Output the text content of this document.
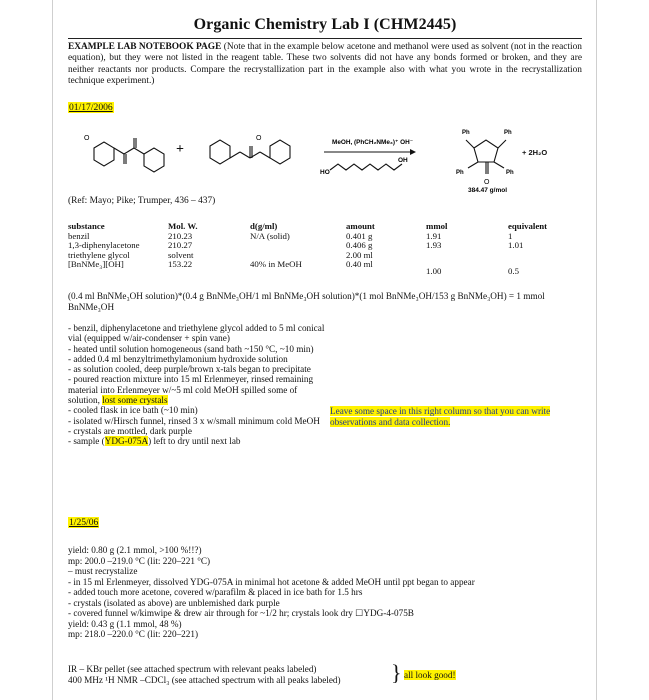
Organic Chemistry Lab I (CHM2445)
EXAMPLE LAB NOTEBOOK PAGE (Note that in the example below acetone and methanol were used as solvent (not in the reaction equation), but they were not listed in the reagent table. These two solvents did not have any bonds formed or broken, and they are neither reactants nor products. Compare the recrystallization part in the example also with what you wrote in the recrystallization technique experiment.)
01/17/2006
O	O
O
MeOH, (PhCH₂NMe₃)⁺ OH⁻
HO
OH
Ph	Ph
Ph	Ph
384.47 g/mol
+	+ 2H₂O
(Ref: Mayo; Pike; Trumper, 436 – 437)
substance	Mol. W.	d(g/ml)	amount	mmol	equivalent
benzil	210.23	N/A (solid)	0.401 g	1.91	1
1,3-diphenylacetone	210.27		0.406 g	1.93	1.01
triethylene glycol	solvent		2.00 ml		
[BnNMe₃][OH]	153.22	40% in MeOH	0.40 ml	1.00	0.5
(0.4 ml BnNMe₃OH solution)*(0.4 g BnNMe₃OH/1 ml BnNMe₃OH solution)*(1 mol BnNMe₃OH/153 g BnNMe₃OH) = 1 mmol BnNMe₃OH
- benzil, diphenylacetone and triethylene glycol added to 5 ml conical vial (equipped w/air-condenser + spin vane)
- heated until solution homogeneous (sand bath ~150 °C, ~10 min)
- added 0.4 ml benzyltrimethylamonium hydroxide solution
- as solution cooled, deep purple/brown x-tals began to precipitate
- poured reaction mixture into 15 ml Erlenmeyer, rinsed remaining material into Erlenmeyer w/~5 ml cold MeOH spilled some of solution, lost some crystals
- cooled flask in ice bath (~10 min)
- isolated w/Hirsch funnel, rinsed 3 x w/small minimum cold MeOH
- crystals are mottled, dark purple
- sample (YDG-075A) left to dry until next lab
Leave some space in this right column so that you can write observations and data collection.
1/25/06
yield: 0.80 g (2.1 mmol, >100 %!!?)
mp: 200.0 –219.0 °C (lit: 220–221 °C)
– must recrystalize
- in 15 ml Erlenmeyer, dissolved YDG-075A in minimal hot acetone & added MeOH until ppt began to appear
- added touch more acetone, covered w/parafilm & placed in ice bath for 1.5 hrs
- crystals (isolated as above) are unblemished dark purple
- covered funnel w/kimwipe & drew air through for ~1/2 hr; crystals look dry ☐YDG-4-075B
yield: 0.43 g (1.1 mmol, 48 %)
mp: 218.0 –220.0 °C (lit: 220–221)
IR – KBr pellet (see attached spectrum with relevant peaks labeled)
400 MHz ¹H NMR –CDCl₃ (see attached spectrum with all peaks labeled)	} all look good!
